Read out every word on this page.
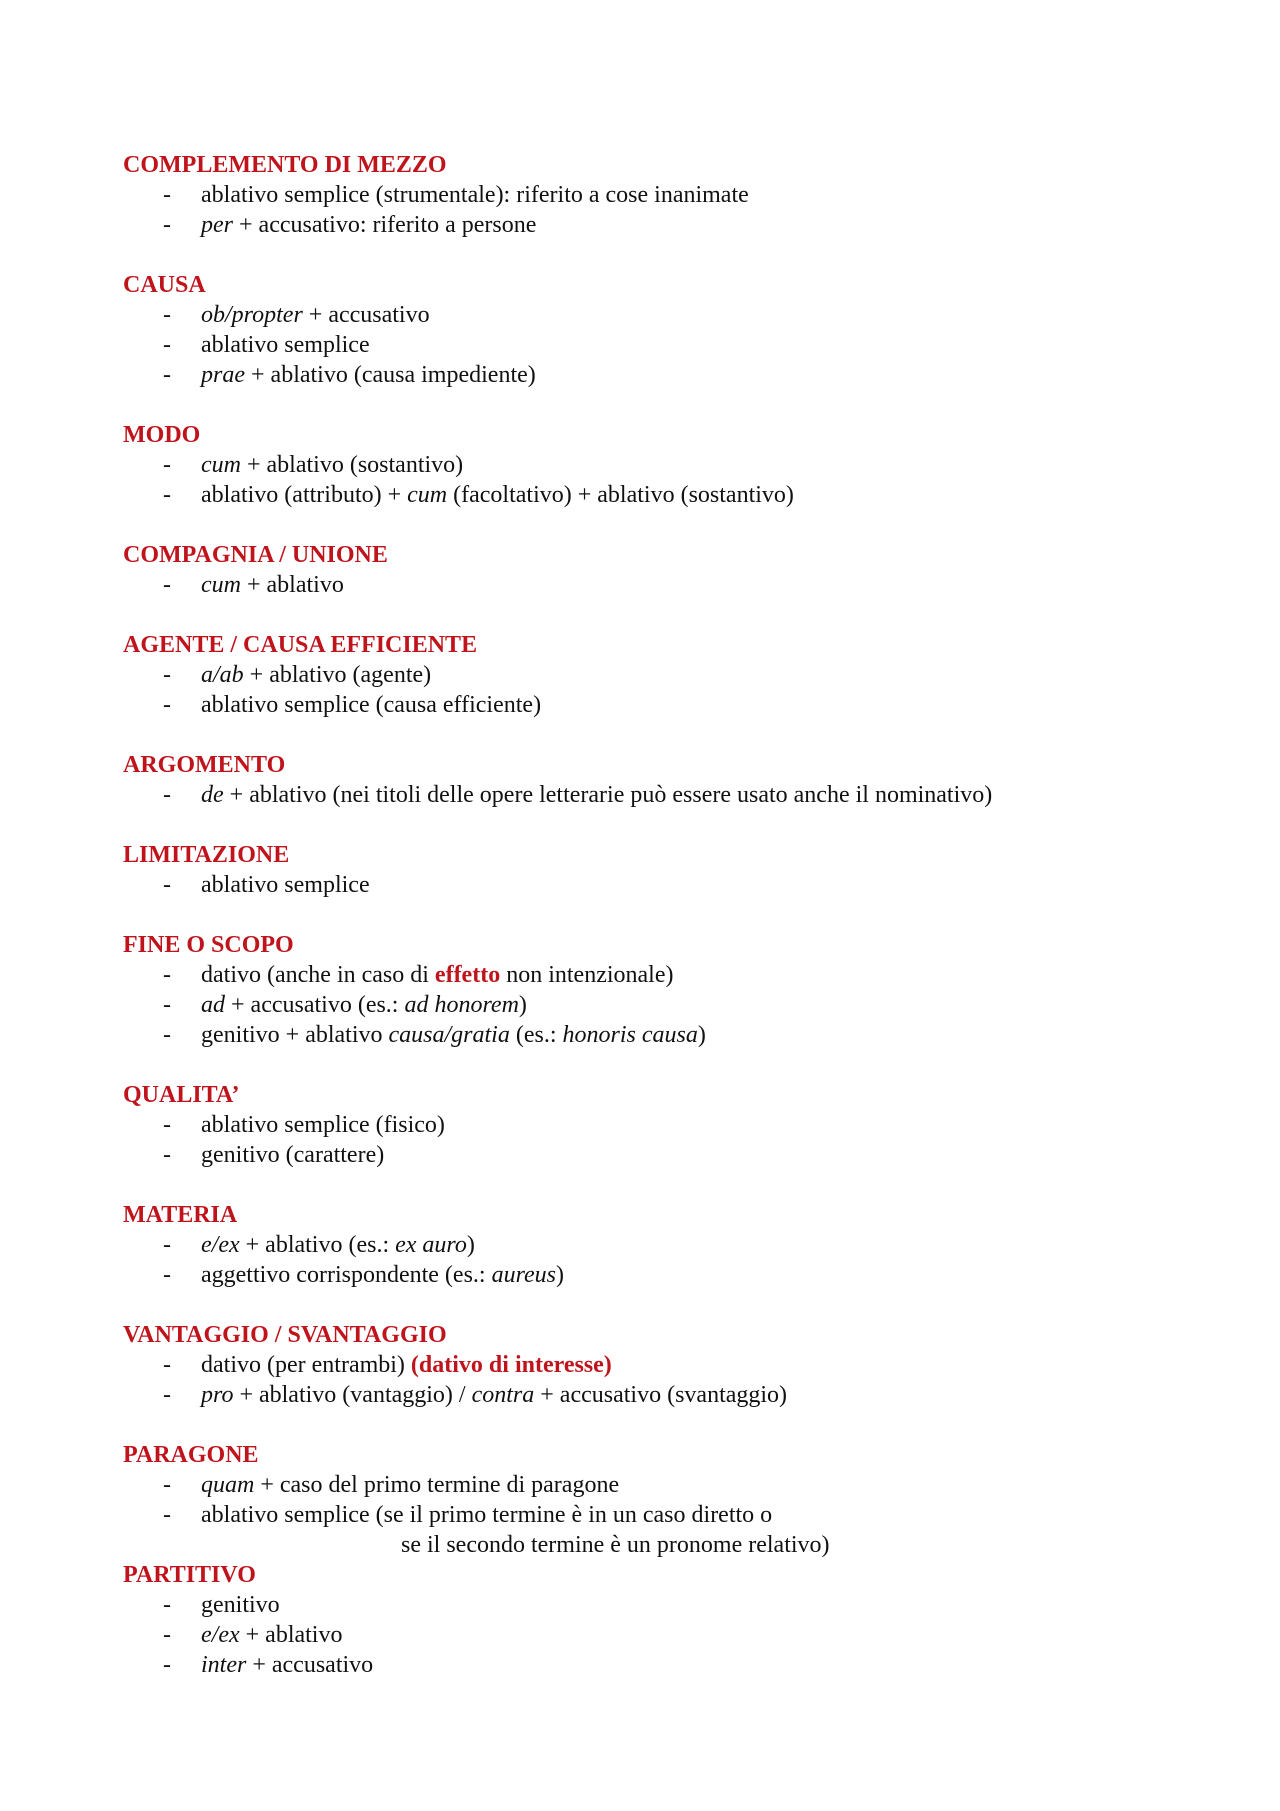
COMPLEMENTO DI MEZZO
- ablativo semplice (strumentale): riferito a cose inanimate
- per + accusativo: riferito a persone
CAUSA
- ob/propter + accusativo
- ablativo semplice
- prae + ablativo (causa impediente)
MODO
- cum + ablativo (sostantivo)
- ablativo (attributo) + cum (facoltativo) + ablativo (sostantivo)
COMPAGNIA / UNIONE
- cum + ablativo
AGENTE / CAUSA EFFICIENTE
- a/ab + ablativo (agente)
- ablativo semplice (causa efficiente)
ARGOMENTO
- de + ablativo (nei titoli delle opere letterarie può essere usato anche il nominativo)
LIMITAZIONE
- ablativo semplice
FINE O SCOPO
- dativo (anche in caso di effetto non intenzionale)
- ad + accusativo (es.: ad honorem)
- genitivo + ablativo causa/gratia (es.: honoris causa)
QUALITA’
- ablativo semplice (fisico)
- genitivo (carattere)
MATERIA
- e/ex + ablativo (es.: ex auro)
- aggettivo corrispondente (es.: aureus)
VANTAGGIO / SVANTAGGIO
- dativo (per entrambi) (dativo di interesse)
- pro + ablativo (vantaggio) / contra + accusativo (svantaggio)
PARAGONE
- quam + caso del primo termine di paragone
- ablativo semplice (se il primo termine è in un caso diretto o
se il secondo termine è un pronome relativo)
PARTITIVO
- genitivo
- e/ex + ablativo
- inter + accusativo
